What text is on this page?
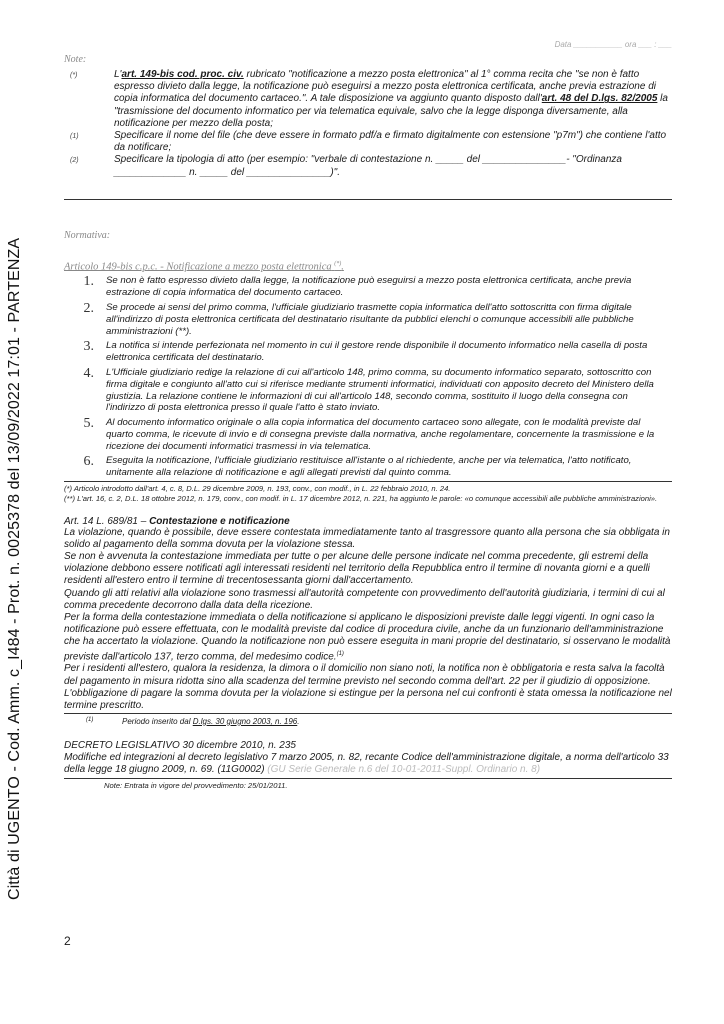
Città di UGENTO - Cod. Amm. c_I484 - Prot. n. 0025378 del 13/09/2022 17:01 - PARTENZA
Data ___________ ora ___ : ___
Note:
(*)	L'art. 149-bis cod. proc. civ. rubricato "notificazione a mezzo posta elettronica" al 1° comma recita che "se non è fatto espresso divieto dalla legge, la notificazione può eseguirsi a mezzo posta elettronica certificata, anche previa estrazione di copia informatica del documento cartaceo.". A tale disposizione va aggiunto quanto disposto dall'art. 48 del D.lgs. 82/2005 la "trasmissione del documento informatico per via telematica equivale, salvo che la legge disponga diversamente, alla notificazione per mezzo della posta;
(1)	Specificare il nome del file (che deve essere in formato pdf/a e firmato digitalmente con estensione "p7m") che contiene l'atto da notificare;
(2)	Specificare la tipologia di atto (per esempio: "verbale di contestazione n. _____ del _______________- "Ordinanza _____________ n. _____ del _______________)".
Normativa:
Articolo 149-bis c.p.c. - Notificazione a mezzo posta elettronica (*).
1.	Se non è fatto espresso divieto dalla legge, la notificazione può eseguirsi a mezzo posta elettronica certificata, anche previa estrazione di copia informatica del documento cartaceo.
2.	Se procede ai sensi del primo comma, l'ufficiale giudiziario trasmette copia informatica dell'atto sottoscritta con firma digitale all'indirizzo di posta elettronica certificata del destinatario risultante da pubblici elenchi o comunque accessibili alle pubbliche amministrazioni (**).
3.	La notifica si intende perfezionata nel momento in cui il gestore rende disponibile il documento informatico nella casella di posta elettronica certificata del destinatario.
4.	L'Ufficiale giudiziario redige la relazione di cui all'articolo 148, primo comma, su documento informatico separato, sottoscritto con firma digitale e congiunto all'atto cui si riferisce mediante strumenti informatici, individuati con apposito decreto del Ministero della giustizia. La relazione contiene le informazioni di cui all'articolo 148, secondo comma, sostituito il luogo della consegna con l'indirizzo di posta elettronica presso il quale l'atto è stato inviato.
5.	Al documento informatico originale o alla copia informatica del documento cartaceo sono allegate, con le modalità previste dal quarto comma, le ricevute di invio e di consegna previste dalla normativa, anche regolamentare, concernente la trasmissione e la ricezione dei documenti informatici trasmessi in via telematica.
6.	Eseguita la notificazione, l'ufficiale giudiziario restituisce all'istante o al richiedente, anche per via telematica, l'atto notificato, unitamente alla relazione di notificazione e agli allegati previsti dal quinto comma.
(*) Articolo introdotto dall'art. 4, c. 8, D.L. 29 dicembre 2009, n. 193, conv., con modif., in L. 22 febbraio 2010, n. 24.
(**) L'art. 16, c. 2, D.L. 18 ottobre 2012, n. 179, conv., con modif. in L. 17 dicembre 2012, n. 221, ha aggiunto le parole: «o comunque accessibili alle pubbliche amministrazioni».
Art. 14 L. 689/81 – Contestazione e notificazione
La violazione, quando è possibile, deve essere contestata immediatamente tanto al trasgressore quanto alla persona che sia obbligata in solido al pagamento della somma dovuta per la violazione stessa.
Se non è avvenuta la contestazione immediata per tutte o per alcune delle persone indicate nel comma precedente, gli estremi della violazione debbono essere notificati agli interessati residenti nel territorio della Repubblica entro il termine di novanta giorni e a quelli residenti all'estero entro il termine di trecentosessanta giorni dall'accertamento.
Quando gli atti relativi alla violazione sono trasmessi all'autorità competente con provvedimento dell'autorità giudiziaria, i termini di cui al comma precedente decorrono dalla data della ricezione.
Per la forma della contestazione immediata o della notificazione si applicano le disposizioni previste dalle leggi vigenti. In ogni caso la notificazione può essere effettuata, con le modalità previste dal codice di procedura civile, anche da un funzionario dell'amministrazione che ha accertato la violazione. Quando la notificazione non può essere eseguita in mani proprie del destinatario, si osservano le modalità previste dall'articolo 137, terzo comma, del medesimo codice.$^{(1)}$
Per i residenti all'estero, qualora la residenza, la dimora o il domicilio non siano noti, la notifica non è obbligatoria e resta salva la facoltà del pagamento in misura ridotta sino alla scadenza del termine previsto nel secondo comma dell'art. 22 per il giudizio di opposizione.
L'obbligazione di pagare la somma dovuta per la violazione si estingue per la persona nel cui confronti è stata omessa la notificazione nel termine prescritto.
(1)	Periodo inserito dal D.lgs. 30 giugno 2003, n. 196.
DECRETO LEGISLATIVO 30 dicembre 2010, n. 235
Modifiche ed integrazioni al decreto legislativo 7 marzo 2005, n. 82, recante Codice dell'amministrazione digitale, a norma dell'articolo 33 della legge 18 giugno 2009, n. 69. (11G0002) (GU Serie Generale n.6 del 10-01-2011-Suppl. Ordinario n. 8)
Note: Entrata in vigore del provvedimento: 25/01/2011.
2
